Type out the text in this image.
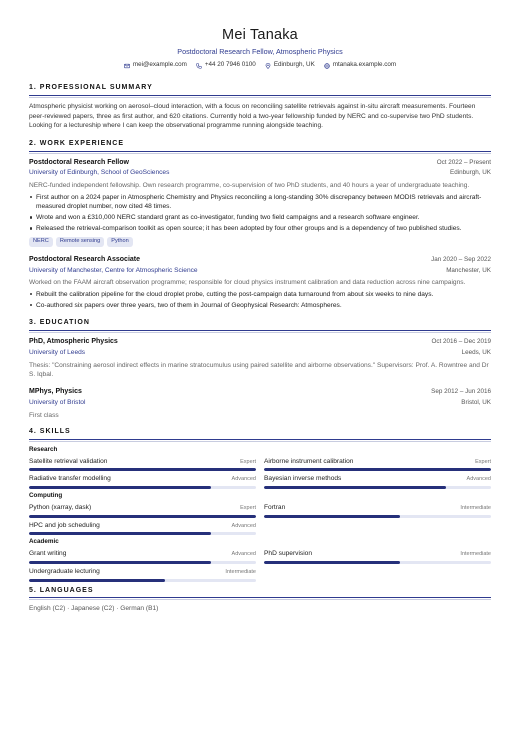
Mei Tanaka
Postdoctoral Research Fellow, Atmospheric Physics
mei@example.com	+44 20 7946 0100	Edinburgh, UK	mtanaka.example.com
1. PROFESSIONAL SUMMARY

Atmospheric physicist working on aerosol–cloud interaction, with a focus on reconciling satellite retrievals against in-situ aircraft measurements. Fourteen peer-reviewed papers, three as first author, and 620 citations. Currently hold a two-year fellowship funded by NERC and co-supervise two PhD students. Looking for a lectureship where I can keep the observational programme running alongside teaching.

2. WORK EXPERIENCE
Postdoctoral Research Fellow	Oct 2022 – Present
University of Edinburgh, School of GeoSciences	Edinburgh, UK

NERC-funded independent fellowship. Own research programme, co-supervision of two PhD students, and 40 hours a year of undergraduate teaching.

First author on a 2024 paper in Atmospheric Chemistry and Physics reconciling a long-standing 30% discrepancy between MODIS retrievals and aircraft-measured droplet number, now cited 48 times.
Wrote and won a £310,000 NERC standard grant as co-investigator, funding two field campaigns and a research software engineer.
Released the retrieval-comparison toolkit as open source; it has been adopted by four other groups and is a dependency of two published studies.
NERC	Remote sensing	Python
Postdoctoral Research Associate	Jan 2020 – Sep 2022
University of Manchester, Centre for Atmospheric Science	Manchester, UK

Worked on the FAAM aircraft observation programme; responsible for cloud physics instrument calibration and data reduction across nine campaigns.

Rebuilt the calibration pipeline for the cloud droplet probe, cutting the post-campaign data turnaround from about six weeks to nine days.
Co-authored six papers over three years, two of them in Journal of Geophysical Research: Atmospheres.
3. EDUCATION
PhD, Atmospheric Physics	Oct 2016 – Dec 2019
University of Leeds	Leeds, UK

Thesis: "Constraining aerosol indirect effects in marine stratocumulus using paired satellite and airborne observations." Supervisors: Prof. A. Rowntree and Dr S. Iqbal.

MPhys, Physics	Sep 2012 – Jun 2016
University of Bristol	Bristol, UK

First class

4. SKILLS
Research
Satellite retrieval validation	Expert Airborne instrument calibration	Expert
Radiative transfer modelling	Advanced Bayesian inverse methods	Advanced
Computing
Python (xarray, dask)	Expert Fortran	Intermediate
HPC and job scheduling	Advanced
Academic
Grant writing	Advanced PhD supervision	Intermediate
Undergraduate lecturing	Intermediate
5. LANGUAGES

English (C2) · Japanese (C2) · German (B1)
